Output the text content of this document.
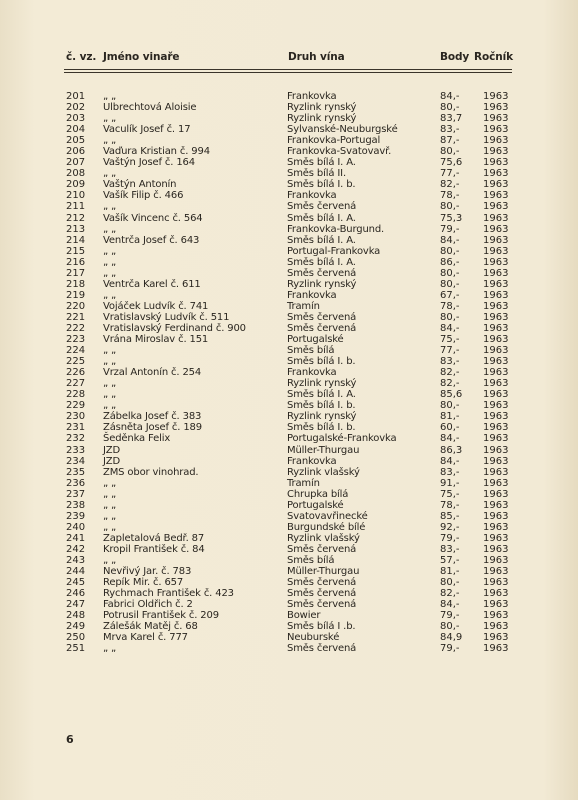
č. vz. Jméno vinaře	Druh vína	Body Ročník
201 „ „	Frankovka	84,- 1963
202 Ulbrechtová Aloisie	Ryzlink rynský	80,- 1963
203 „ „	Ryzlink rynský	83,7 1963
204 Vaculík Josef č. 17	Sylvanské-Neuburgské	83,- 1963
205 „ „	Frankovka-Portugal	87,- 1963
206 Vaďura Kristian č. 994	Frankovka-Svatovavř.	80,- 1963
207 Vaštýn Josef č. 164	Směs bílá I. A.	75,6 1963
208 „ „	Směs bílá II.	77,- 1963
209 Vaštýn Antonín	Směs bílá I. b.	82,- 1963
210 Vašík Filip č. 466	Frankovka	78,- 1963
211 „ „	Směs červená	80,- 1963
212 Vašík Vincenc č. 564	Směs bílá I. A.	75,3 1963
213 „ „	Frankovka-Burgund.	79,- 1963
214 Ventrča Josef č. 643	Směs bílá I. A.	84,- 1963
215 „ „	Portugal-Frankovka	80,- 1963
216 „ „	Směs bílá I. A.	86,- 1963
217 „ „	Směs červená	80,- 1963
218 Ventrča Karel č. 611	Ryzlink rynský	80,- 1963
219 „ „	Frankovka	67,- 1963
220 Vojáček Ludvík č. 741	Tramín	78,- 1963
221 Vratislavský Ludvík č. 511	Směs červená	80,- 1963
222 Vratislavský Ferdinand č. 900	Směs červená	84,- 1963
223 Vrána Miroslav č. 151	Portugalské	75,- 1963
224 „ „	Směs bílá	77,- 1963
225 „ „	Směs bílá I. b.	83,- 1963
226 Vrzal Antonín č. 254	Frankovka	82,- 1963
227 „ „	Ryzlink rynský	82,- 1963
228 „ „	Směs bílá I. A.	85,6 1963
229 „ „	Směs bílá I. b.	80,- 1963
230 Zábelka Josef č. 383	Ryzlink rynský	81,- 1963
231 Zásněta Josef č. 189	Směs bílá I. b.	60,- 1963
232 Šeděnka Felix	Portugalské-Frankovka	84,- 1963
233 JZD	Müller-Thurgau	86,3 1963
234 JZD	Frankovka	84,- 1963
235 ZMS obor vinohrad.	Ryzlink vlašský	83,- 1963
236 „ „	Tramín	91,- 1963
237 „ „	Chrupka bílá	75,- 1963
238 „ „	Portugalské	78,- 1963
239 „ „	Svatovavřinecké	85,- 1963
240 „ „	Burgundské bílé	92,- 1963
241 Zapletalová Bedř. 87	Ryzlink vlašský	79,- 1963
242 Kropil František č. 84	Směs červená	83,- 1963
243 „ „	Směs bílá	57,- 1963
244 Nevřivý Jar. č. 783	Müller-Thurgau	81,- 1963
245 Repík Mir. č. 657	Směs červená	80,- 1963
246 Rychmach František č. 423	Směs červená	82,- 1963
247 Fabrici Oldřich č. 2	Směs červená	84,- 1963
248 Potrusil František č. 209	Bowier	79,- 1963
249 Zálešák Matěj č. 68	Směs bílá I .b.	80,- 1963
250 Mrva Karel č. 777	Neuburské	84,9 1963
251 „ „	Směs červená	79,- 1963
6
